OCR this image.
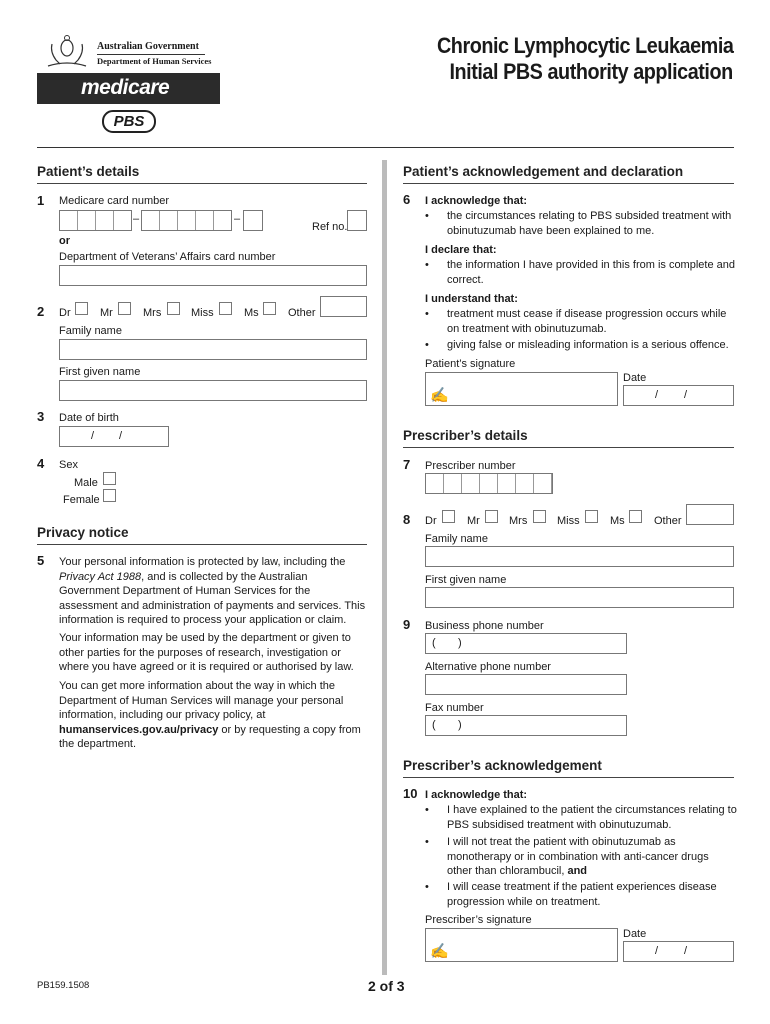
Australian Government
Department of Human Services
medicare
PBS
Chronic Lymphocytic Leukaemia
Initial PBS authority application
Patient’s details
1 Medicare card number
–	–
Ref no.
or
Department of Veterans’ Affairs card number
2 Dr	Mr	Mrs	Miss	Ms	Other
Family name
First given name
3 Date of birth
/ /
4 Sex
Male
Female
Privacy notice
5 Your personal information is protected by law, including the Privacy Act 1988, and is collected by the Australian Government Department of Human Services for the assessment and administration of payments and services. This information is required to process your application or claim.
Your information may be used by the department or given to other parties for the purposes of research, investigation or where you have agreed or it is required or authorised by law.
You can get more information about the way in which the Department of Human Services will manage your personal information, including our privacy policy, at humanservices.gov.au/privacy or by requesting a copy from the department.
PB159.1508	2 of 3
Patient’s acknowledgement and declaration
6 I acknowledge that:
• the circumstances relating to PBS subsided treatment with obinutuzumab have been explained to me.
I declare that:
• the information I have provided in this from is complete and correct.
I understand that:
• treatment must cease if disease progression occurs while on treatment with obinutuzumab.
• giving false or misleading information is a serious offence.
Patient’s signature
✍
Date
/ /
Prescriber’s details
7 Prescriber number
8 Dr	Mr	Mrs	Miss	Ms	Other
Family name
First given name
9 Business phone number
( )
Alternative phone number
Fax number
( )
Prescriber’s acknowledgement
10 I acknowledge that:
• I have explained to the patient the circumstances relating to PBS subsidised treatment with obinutuzumab.
• I will not treat the patient with obinutuzumab as monotherapy or in combination with anti-cancer drugs other than chlorambucil, and
• I will cease treatment if the patient experiences disease progression while on treatment.
Prescriber’s signature
✍
Date
/ /
